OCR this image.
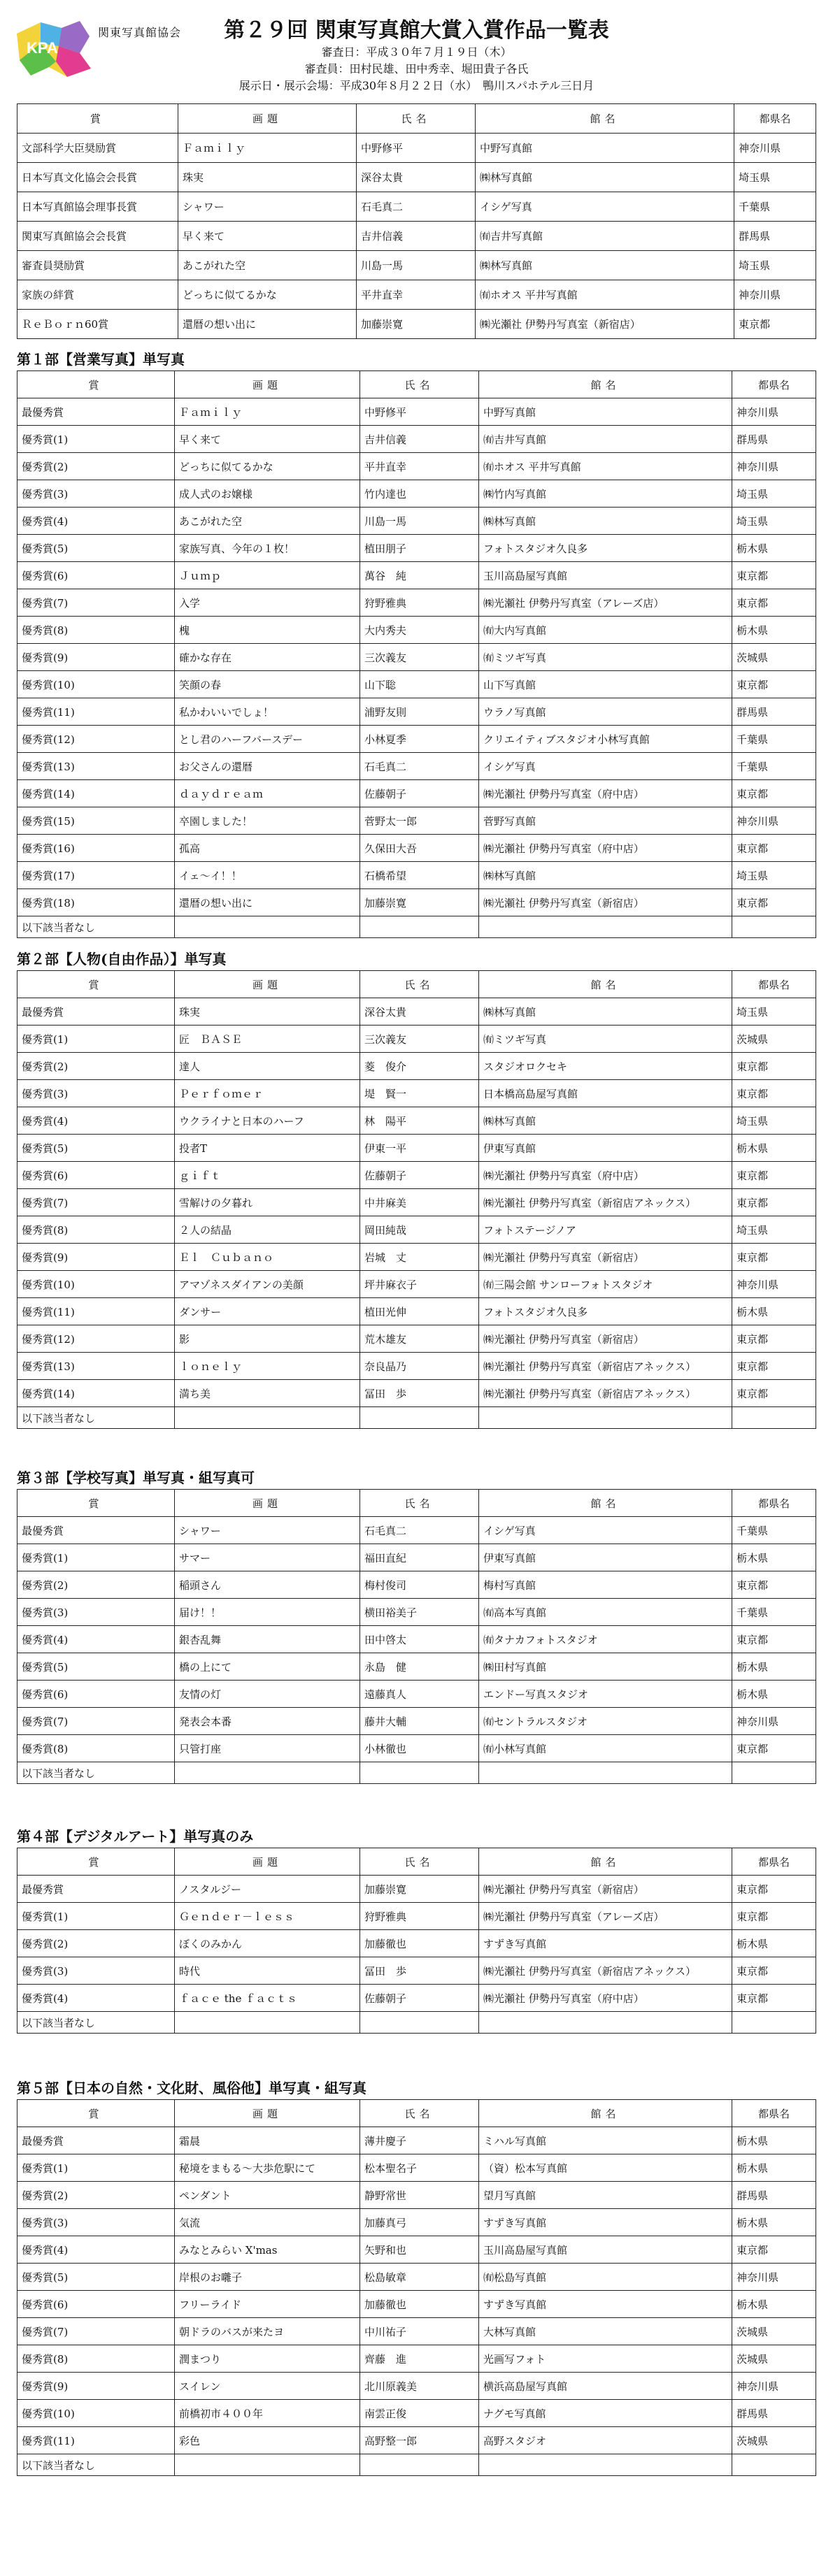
KPA
関東写真館協会	第２９回 関東写真館大賞入賞作品一覧表
審査日：平成３０年７月１９日（木）
審査員：田村民雄、田中秀幸、堀田貴子各氏
展示日・展示会場：平成30年８月２２日（水）　鴨川スパホテル三日月
賞	画題	氏名	館名	都県名
文部科学大臣奨励賞	Ｆａｍｉｌｙ	中野修平	中野写真館	神奈川県
日本写真文化協会会長賞	珠実	深谷太貴	㈱林写真館	埼玉県
日本写真館協会理事長賞	シャワー	石毛真二	イシゲ写真	千葉県
関東写真館協会会長賞	早く来て	吉井信義	㈲吉井写真館	群馬県
審査員奨励賞	あこがれた空	川島一馬	㈱林写真館	埼玉県
家族の絆賞	どっちに似てるかな	平井直幸	㈲ホオス 平井写真館	神奈川県
ＲｅＢｏｒｎ60賞	還暦の想い出に	加藤崇寛	㈱光瀬社 伊勢丹写真室（新宿店）	東京都
第１部【営業写真】単写真
賞	画題	氏名	館名	都県名
最優秀賞	Ｆａｍｉｌｙ	中野修平	中野写真館	神奈川県
優秀賞(1)	早く来て	吉井信義	㈲吉井写真館	群馬県
優秀賞(2)	どっちに似てるかな	平井直幸	㈲ホオス 平井写真館	神奈川県
優秀賞(3)	成人式のお嬢様	竹内達也	㈱竹内写真館	埼玉県
優秀賞(4)	あこがれた空	川島一馬	㈱林写真館	埼玉県
優秀賞(5)	家族写真、今年の１枚！	植田朋子	フォトスタジオ久良多	栃木県
優秀賞(6)	Ｊｕｍｐ	萬谷　純	玉川高島屋写真館	東京都
優秀賞(7)	入学	狩野雅典	㈱光瀬社 伊勢丹写真室（アレーズ店）	東京都
優秀賞(8)	槐	大内秀夫	㈲大内写真館	栃木県
優秀賞(9)	確かな存在	三次義友	㈲ミツギ写真	茨城県
優秀賞(10)	笑顔の春	山下聡	山下写真館	東京都
優秀賞(11)	私かわいいでしょ！	浦野友則	ウラノ写真館	群馬県
優秀賞(12)	とし君のハーフバースデー	小林夏季	クリエイティブスタジオ小林写真館	千葉県
優秀賞(13)	お父さんの還暦	石毛真二	イシゲ写真	千葉県
優秀賞(14)	ｄａｙｄｒｅａｍ	佐藤朝子	㈱光瀬社 伊勢丹写真室（府中店）	東京都
優秀賞(15)	卒園しました！	菅野太一郎	菅野写真館	神奈川県
優秀賞(16)	孤高	久保田大吾	㈱光瀬社 伊勢丹写真室（府中店）	東京都
優秀賞(17)	イェ～イ！！	石橋希望	㈱林写真館	埼玉県
優秀賞(18)	還暦の想い出に	加藤崇寛	㈱光瀬社 伊勢丹写真室（新宿店）	東京都
以下該当者なし				
第２部【人物(自由作品）】単写真
賞	画題	氏名	館名	都県名
最優秀賞	珠実	深谷太貴	㈱林写真館	埼玉県
優秀賞(1)	匠　ＢＡＳＥ	三次義友	㈲ミツギ写真	茨城県
優秀賞(2)	達人	菱　俊介	スタジオロクセキ	東京都
優秀賞(3)	Ｐｅｒｆｏｍｅｒ	堤　賢一	日本橋高島屋写真館	東京都
優秀賞(4)	ウクライナと日本のハーフ	林　陽平	㈱林写真館	埼玉県
優秀賞(5)	投者T	伊東一平	伊東写真館	栃木県
優秀賞(6)	ｇｉｆｔ	佐藤朝子	㈱光瀬社 伊勢丹写真室（府中店）	東京都
優秀賞(7)	雪解けの夕暮れ	中井麻美	㈱光瀬社 伊勢丹写真室（新宿店アネックス）	東京都
優秀賞(8)	２人の結晶	岡田純哉	フォトステージノア	埼玉県
優秀賞(9)	Ｅｌ　Ｃｕｂａｎｏ	岩城　丈	㈱光瀬社 伊勢丹写真室（新宿店）	東京都
優秀賞(10)	アマゾネスダイアンの美顔	坪井麻衣子	㈲三陽会館 サンローフォトスタジオ	神奈川県
優秀賞(11)	ダンサー	植田光伸	フォトスタジオ久良多	栃木県
優秀賞(12)	影	荒木雄友	㈱光瀬社 伊勢丹写真室（新宿店）	東京都
優秀賞(13)	ｌｏｎｅｌｙ	奈良晶乃	㈱光瀬社 伊勢丹写真室（新宿店アネックス）	東京都
優秀賞(14)	満ち美	冨田　歩	㈱光瀬社 伊勢丹写真室（新宿店アネックス）	東京都
以下該当者なし				
第３部【学校写真】単写真・組写真可
賞	画題	氏名	館名	都県名
最優秀賞	シャワー	石毛真二	イシゲ写真	千葉県
優秀賞(1)	サマー	福田直紀	伊東写真館	栃木県
優秀賞(2)	稲頭さん	梅村俊司	梅村写真館	東京都
優秀賞(3)	届け！！	横田裕美子	㈲高本写真館	千葉県
優秀賞(4)	銀杏乱舞	田中啓太	㈲タナカフォトスタジオ	東京都
優秀賞(5)	橋の上にて	永島　健	㈱田村写真館	栃木県
優秀賞(6)	友情の灯	遠藤真人	エンドー写真スタジオ	栃木県
優秀賞(7)	発表会本番	藤井大輔	㈲セントラルスタジオ	神奈川県
優秀賞(8)	只管打座	小林徹也	㈲小林写真館	東京都
以下該当者なし				
第４部【デジタルアート】単写真のみ
賞	画題	氏名	館名	都県名
最優秀賞	ノスタルジー	加藤崇寛	㈱光瀬社 伊勢丹写真室（新宿店）	東京都
優秀賞(1)	Ｇｅｎｄｅｒ－ｌｅｓｓ	狩野雅典	㈱光瀬社 伊勢丹写真室（アレーズ店）	東京都
優秀賞(2)	ぼくのみかん	加藤徹也	すずき写真館	栃木県
優秀賞(3)	時代	冨田　歩	㈱光瀬社 伊勢丹写真室（新宿店アネックス）	東京都
優秀賞(4)	ｆａｃｅ the ｆａｃｔｓ	佐藤朝子	㈱光瀬社 伊勢丹写真室（府中店）	東京都
以下該当者なし				
第５部【日本の自然・文化財、風俗他】単写真・組写真
賞	画題	氏名	館名	都県名
最優秀賞	霜晨	薄井慶子	ミハル写真館	栃木県
優秀賞(1)	秘境をまもる～大歩危駅にて	松本聖名子	（資）松本写真館	栃木県
優秀賞(2)	ペンダント	静野常世	望月写真館	群馬県
優秀賞(3)	気流	加藤真弓	すずき写真館	栃木県
優秀賞(4)	みなとみらい X'mas	矢野和也	玉川高島屋写真館	東京都
優秀賞(5)	岸根のお囃子	松島敏章	㈲松島写真館	神奈川県
優秀賞(6)	フリーライド	加藤徹也	すずき写真館	栃木県
優秀賞(7)	朝ドラのバスが来たヨ	中川祐子	大林写真館	茨城県
優秀賞(8)	潤まつり	齊藤　進	光画写フォト	茨城県
優秀賞(9)	スイレン	北川原義美	横浜高島屋写真館	神奈川県
優秀賞(10)	前橋初市４００年	南雲正俊	ナグモ写真館	群馬県
優秀賞(11)	彩色	高野整一郎	高野スタジオ	茨城県
以下該当者なし				
